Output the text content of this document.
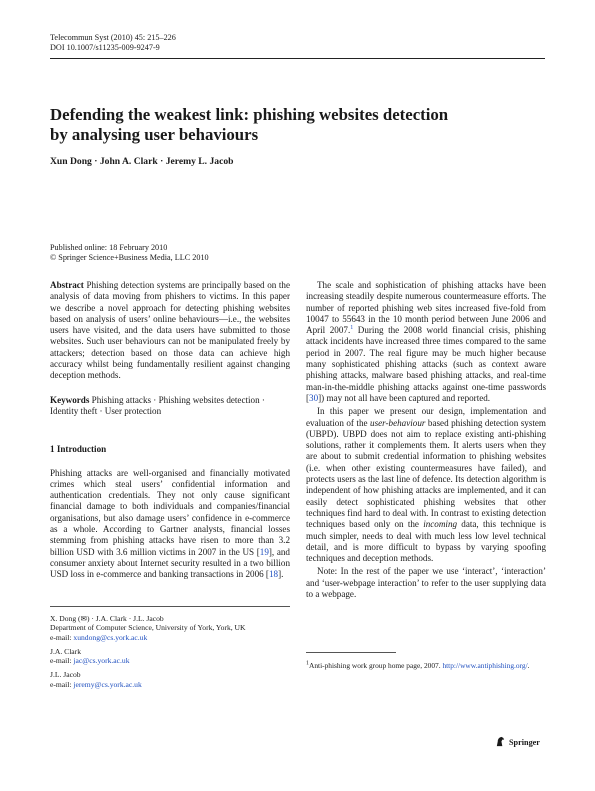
Telecommun Syst (2010) 45: 215–226
DOI 10.1007/s11235-009-9247-9
Defending the weakest link: phishing websites detection
by analysing user behaviours
Xun Dong · John A. Clark · Jeremy L. Jacob
Published online: 18 February 2010
© Springer Science+Business Media, LLC 2010

Abstract Phishing detection systems are principally based on the analysis of data moving from phishers to victims. In this paper we describe a novel approach for detecting phishing websites based on analysis of users’ online behaviours—i.e., the websites users have visited, and the data users have submitted to those websites. Such user behaviours can not be manipulated freely by attackers; detection based on those data can achieve high accuracy whilst being fundamentally resilient against changing deception methods.

Keywords Phishing attacks · Phishing websites detection · Identity theft · User protection

1 Introduction

Phishing attacks are well-organised and financially motivated crimes which steal users’ confidential information and authentication credentials. They not only cause significant financial damage to both individuals and companies/financial organisations, but also damage users’ confidence in e-commerce as a whole. According to Gartner analysts, financial losses stemming from phishing attacks have risen to more than 3.2 billion USD with 3.6 million victims in 2007 in the US [19], and consumer anxiety about Internet security resulted in a two billion USD loss in e-commerce and banking transactions in 2006 [18].

The scale and sophistication of phishing attacks have been increasing steadily despite numerous countermeasure efforts. The number of reported phishing web sites increased five-fold from 10047 to 55643 in the 10 month period between June 2006 and April 2007.$^1$ During the 2008 world financial crisis, phishing attack incidents have increased three times compared to the same period in 2007. The real figure may be much higher because many sophisticated phishing attacks (such as context aware phishing attacks, malware based phishing attacks, and real-time man-in-the-middle phishing attacks against one-time passwords [30]) may not all have been captured and reported.

In this paper we present our design, implementation and evaluation of the user-behaviour based phishing detection system (UBPD). UBPD does not aim to replace existing anti-phishing solutions, rather it complements them. It alerts users when they are about to submit credential information to phishing websites (i.e. when other existing countermeasures have failed), and protects users as the last line of defence. Its detection algorithm is independent of how phishing attacks are implemented, and it can easily detect sophisticated phishing websites that other techniques find hard to deal with. In contrast to existing detection techniques based only on the incoming data, this technique is much simpler, needs to deal with much less low level technical detail, and is more difficult to bypass by varying spoofing techniques and deception methods.

Note: In the rest of the paper we use ‘interact’, ‘interaction’ and ‘user-webpage interaction’ to refer to the user supplying data to a webpage.

X. Dong (✉) · J.A. Clark · J.L. Jacob

Department of Computer Science, University of York, York, UK

e-mail: xundong@cs.york.ac.uk

J.A. Clark

e-mail: jac@cs.york.ac.uk

J.L. Jacob

e-mail: jeremy@cs.york.ac.uk

$^1$Anti-phishing work group home page, 2007. http://www.antiphishing.org/.
Springer
